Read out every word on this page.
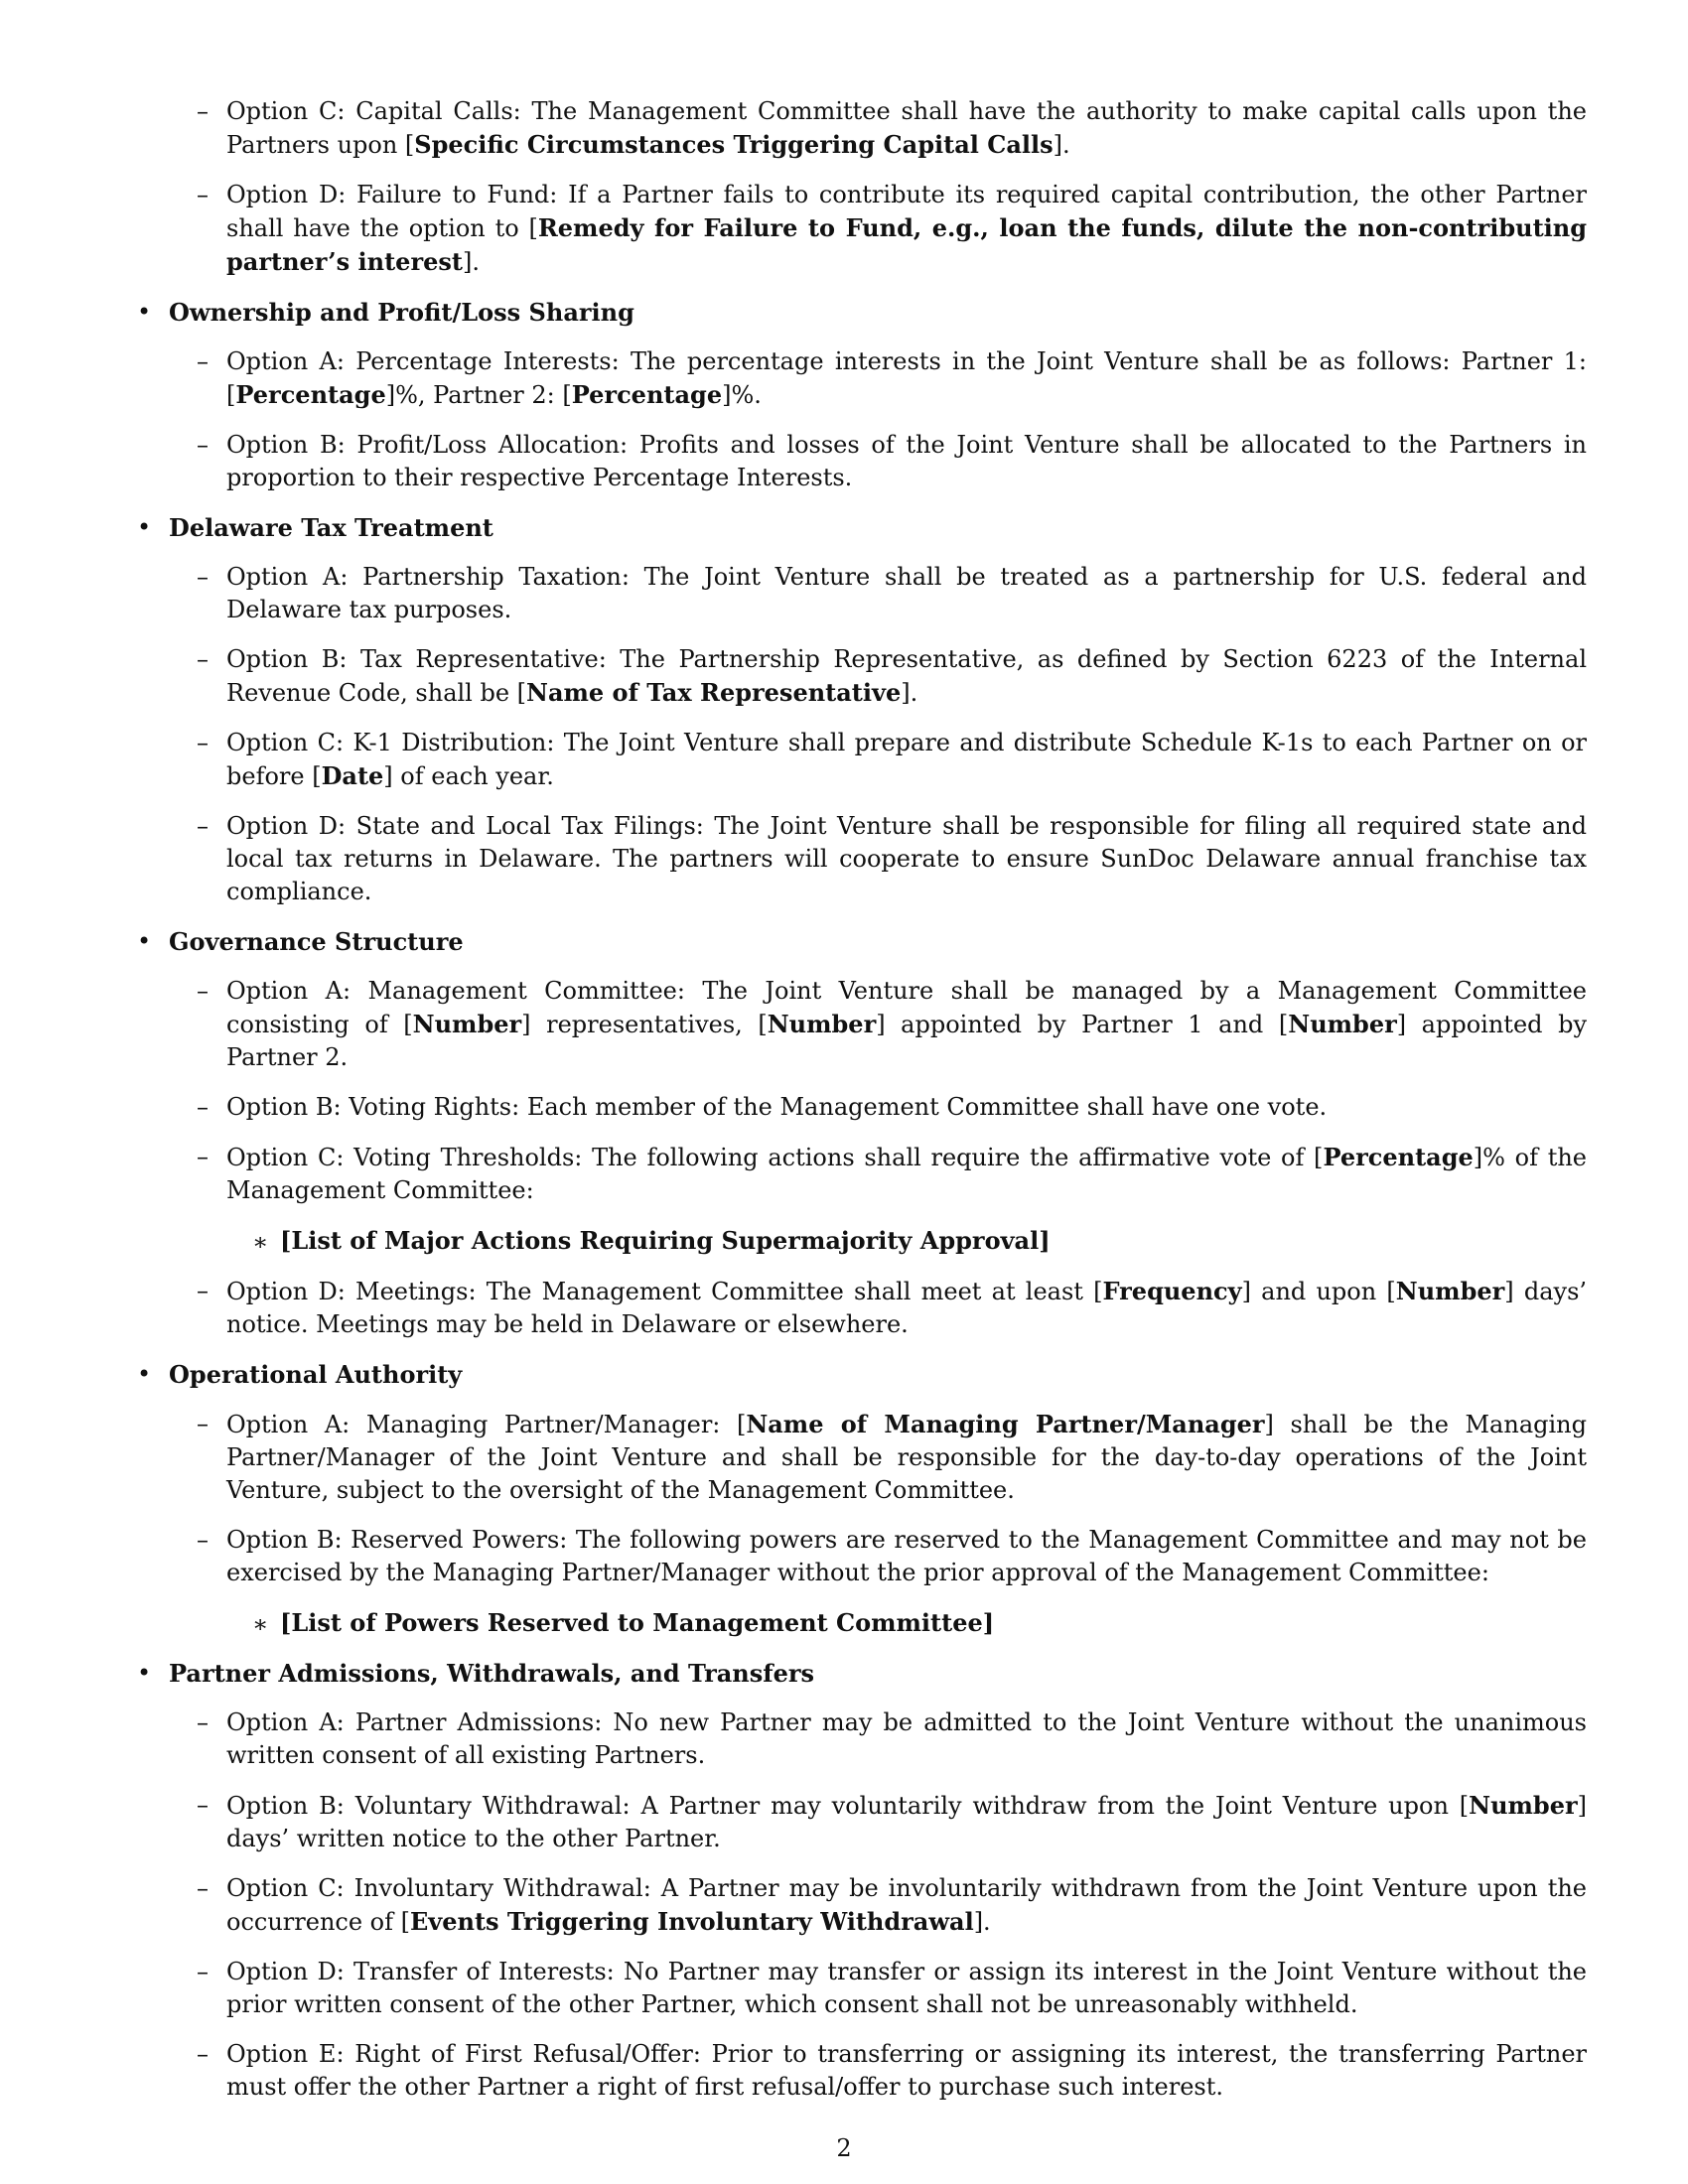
– Option C: Capital Calls: The Management Committee shall have the authority to make capital calls upon the Partners upon [Specific Circumstances Triggering Capital Calls].
– Option D: Failure to Fund: If a Partner fails to contribute its required capital contribution, the other Partner shall have the option to [Remedy for Failure to Fund, e.g., loan the funds, dilute the non-contributing partner’s interest].
• Ownership and Profit/Loss Sharing
– Option A: Percentage Interests: The percentage interests in the Joint Venture shall be as follows: Partner 1: [Percentage]%, Partner 2: [Percentage]%.
– Option B: Profit/Loss Allocation: Profits and losses of the Joint Venture shall be allocated to the Partners in proportion to their respective Percentage Interests.
• Delaware Tax Treatment
– Option A: Partnership Taxation: The Joint Venture shall be treated as a partnership for U.S. federal and Delaware tax purposes.
– Option B: Tax Representative: The Partnership Representative, as defined by Section 6223 of the Internal Revenue Code, shall be [Name of Tax Representative].
– Option C: K-1 Distribution: The Joint Venture shall prepare and distribute Schedule K-1s to each Partner on or before [Date] of each year.
– Option D: State and Local Tax Filings: The Joint Venture shall be responsible for filing all required state and local tax returns in Delaware. The partners will cooperate to ensure SunDoc Delaware annual franchise tax compliance.
• Governance Structure
– Option A: Management Committee: The Joint Venture shall be managed by a Management Committee consisting of [Number] representatives, [Number] appointed by Partner 1 and [Number] appointed by Partner 2.
– Option B: Voting Rights: Each member of the Management Committee shall have one vote.
– Option C: Voting Thresholds: The following actions shall require the affirmative vote of [Percentage]% of the Management Committee:
∗ [List of Major Actions Requiring Supermajority Approval]
– Option D: Meetings: The Management Committee shall meet at least [Frequency] and upon [Number] days’ notice. Meetings may be held in Delaware or elsewhere.
• Operational Authority
– Option A: Managing Partner/Manager: [Name of Managing Partner/Manager] shall be the Managing Partner/Manager of the Joint Venture and shall be responsible for the day-to-day operations of the Joint Venture, subject to the oversight of the Management Committee.
– Option B: Reserved Powers: The following powers are reserved to the Management Committee and may not be exercised by the Managing Partner/Manager without the prior approval of the Management Committee:
∗ [List of Powers Reserved to Management Committee]
• Partner Admissions, Withdrawals, and Transfers
– Option A: Partner Admissions: No new Partner may be admitted to the Joint Venture without the unanimous written consent of all existing Partners.
– Option B: Voluntary Withdrawal: A Partner may voluntarily withdraw from the Joint Venture upon [Number] days’ written notice to the other Partner.
– Option C: Involuntary Withdrawal: A Partner may be involuntarily withdrawn from the Joint Venture upon the occurrence of [Events Triggering Involuntary Withdrawal].
– Option D: Transfer of Interests: No Partner may transfer or assign its interest in the Joint Venture without the prior written consent of the other Partner, which consent shall not be unreasonably withheld.
– Option E: Right of First Refusal/Offer: Prior to transferring or assigning its interest, the transferring Partner must offer the other Partner a right of first refusal/offer to purchase such interest.
2
